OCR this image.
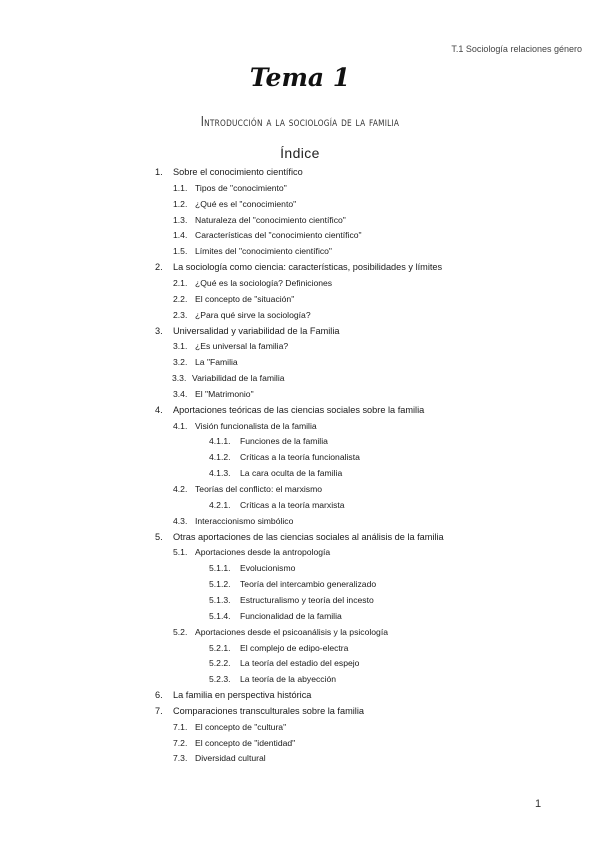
T.1 Sociología relaciones género
Tema 1
Introducción a la sociología de la familia
Índice
1. Sobre el conocimiento científico
1.1. Tipos de "conocimiento"
1.2. ¿Qué es el "conocimiento"
1.3. Naturaleza del "conocimiento científico"
1.4. Características del "conocimiento científico"
1.5. Límites del "conocimiento científico"
2. La sociología como ciencia: características, posibilidades y límites
2.1. ¿Qué es la sociología? Definiciones
2.2. El concepto de "situación"
2.3. ¿Para qué sirve la sociología?
3. Universalidad y variabilidad de la Familia
3.1. ¿Es universal la familia?
3.2. La "Familia
3.3. Variabilidad de la familia
3.4. El "Matrimonio"
4. Aportaciones teóricas de las ciencias sociales sobre la familia
4.1. Visión funcionalista de la familia
4.1.1. Funciones de la familia
4.1.2. Críticas a la teoría funcionalista
4.1.3. La cara oculta de la familia
4.2. Teorías del conflicto: el marxismo
4.2.1. Críticas a la teoría marxista
4.3. Interaccionismo simbólico
5. Otras aportaciones de las ciencias sociales al análisis de la familia
5.1. Aportaciones desde la antropología
5.1.1. Evolucionismo
5.1.2. Teoría del intercambio generalizado
5.1.3. Estructuralismo y teoría del incesto
5.1.4. Funcionalidad de la familia
5.2. Aportaciones desde el psicoanálisis y la psicología
5.2.1. El complejo de edipo-electra
5.2.2. La teoría del estadio del espejo
5.2.3. La teoría de la abyección
6. La familia en perspectiva histórica
7. Comparaciones transculturales sobre la familia
7.1. El concepto de "cultura"
7.2. El concepto de "identidad"
7.3. Diversidad cultural
1
